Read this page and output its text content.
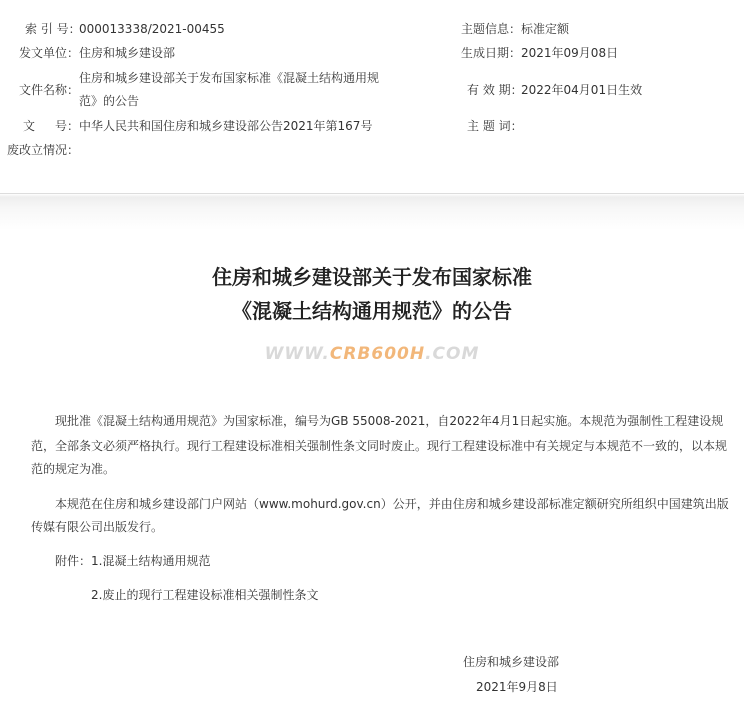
索 引 号：
000013338/2021-00455
发文单位： 住房和城乡建设部
文件名称：
住房和城乡建设部关于发布国家标准《混凝土结构通用规
范》的公告
文 号： 中华人民共和国住房和城乡建设部公告2021年第167号
废改立情况：
主题信息： 标准定额
生成日期： 2021年09月08日
有 效 期：
2022年04月01日生效
主 题 词：
住房和城乡建设部关于发布国家标准
《混凝土结构通用规范》的公告
WWW.CRB600H.COM
现批准《混凝土结构通用规范》为国家标准，编号为GB 55008-2021，自2022年4月1日起实施。本规范为强制性工程建设规
范，全部条文必须严格执行。现行工程建设标准相关强制性条文同时废止。现行工程建设标准中有关规定与本规范不一致的，以本规
范的规定为准。
本规范在住房和城乡建设部门户网站（www.mohurd.gov.cn）公开，并由住房和城乡建设部标准定额研究所组织中国建筑出版
传媒有限公司出版发行。
附件：1.混凝土结构通用规范
2.废止的现行工程建设标准相关强制性条文
住房和城乡建设部
2021年9月8日
